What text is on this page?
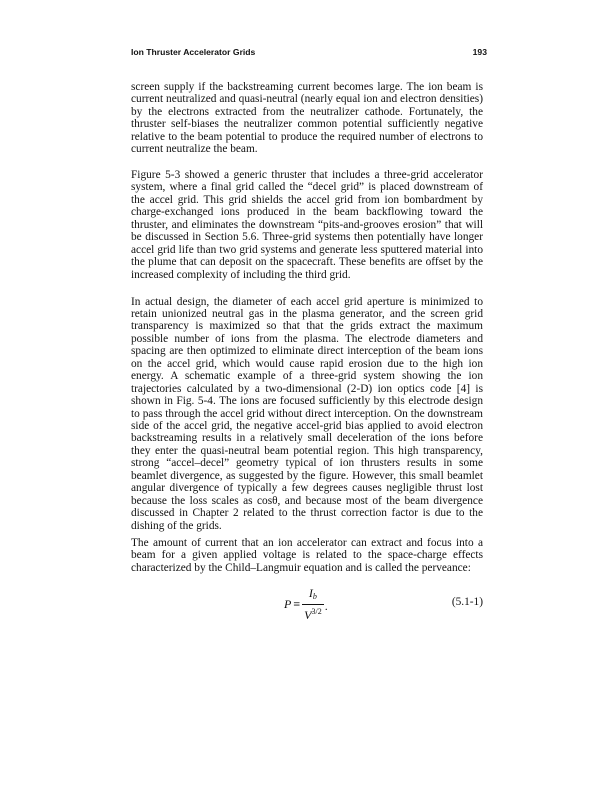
Ion Thruster Accelerator Grids	193

screen supply if the backstreaming current becomes large. The ion beam is current neutralized and quasi-neutral (nearly equal ion and electron densities) by the electrons extracted from the neutralizer cathode. Fortunately, the thruster self-biases the neutralizer common potential sufficiently negative relative to the beam potential to produce the required number of electrons to current neutralize the beam.

Figure 5-3 showed a generic thruster that includes a three-grid accelerator system, where a final grid called the “decel grid” is placed downstream of the accel grid. This grid shields the accel grid from ion bombardment by charge-exchanged ions produced in the beam backflowing toward the thruster, and eliminates the downstream “pits-and-grooves erosion” that will be discussed in Section 5.6. Three-grid systems then potentially have longer accel grid life than two grid systems and generate less sputtered material into the plume that can deposit on the spacecraft. These benefits are offset by the increased complexity of including the third grid.

In actual design, the diameter of each accel grid aperture is minimized to retain unionized neutral gas in the plasma generator, and the screen grid transparency is maximized so that that the grids extract the maximum possible number of ions from the plasma. The electrode diameters and spacing are then optimized to eliminate direct interception of the beam ions on the accel grid, which would cause rapid erosion due to the high ion energy. A schematic example of a three-grid system showing the ion trajectories calculated by a two-dimensional (2-D) ion optics code [4] is shown in Fig. 5-4. The ions are focused sufficiently by this electrode design to pass through the accel grid without direct interception. On the downstream side of the accel grid, the negative accel-grid bias applied to avoid electron backstreaming results in a relatively small deceleration of the ions before they enter the quasi-neutral beam potential region. This high transparency, strong “accel–decel” geometry typical of ion thrusters results in some beamlet divergence, as suggested by the figure. However, this small beamlet angular divergence of typically a few degrees causes negligible thrust lost because the loss scales as cosθ, and because most of the beam divergence discussed in Chapter 2 related to the thrust correction factor is due to the dishing of the grids.

The amount of current that an ion accelerator can extract and focus into a beam for a given applied voltage is related to the space-charge effects characterized by the Child–Langmuir equation and is called the perveance:

$P \equiv \frac{I_b}{V^{3/2}}$ .	(5.1-1)
